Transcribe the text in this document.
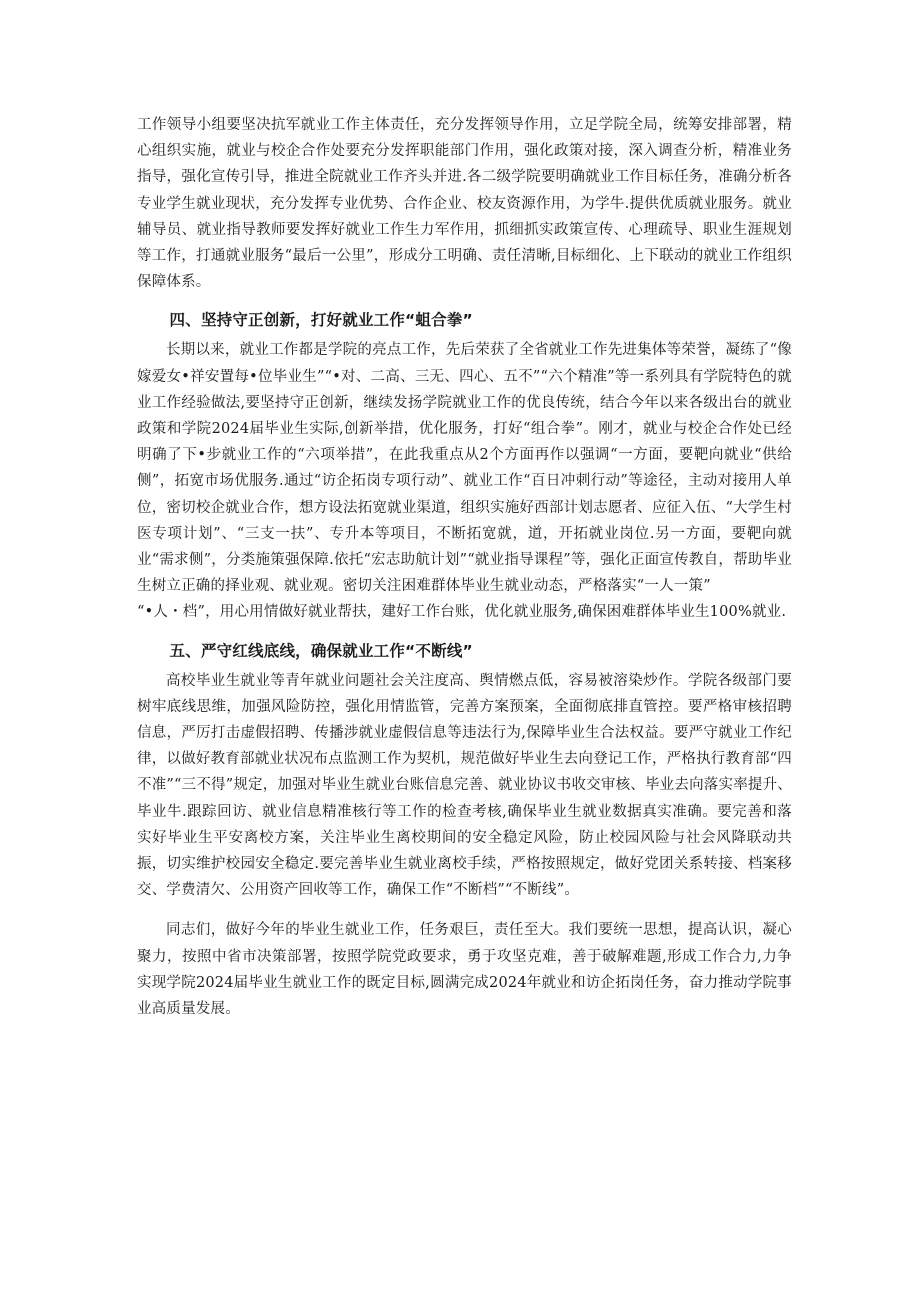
工作领导小组要坚决抗军就业工作主体责任，充分发挥领导作用，立足学院全局，统筹安排部署，精心组织实施，就业与校企合作处要充分发挥职能部门作用，强化政策对接，深入调查分析，精准业务指导，强化宣传引导，推进全院就业工作齐头并进.各二级学院要明确就业工作目标任务，准确分析各专业学生就业现状，充分发挥专业优势、合作企业、校友资源作用，为学牛.提供优质就业服务。就业辅导员、就业指导教师要发挥好就业工作生力军作用，抓细抓实政策宣传、心理疏导、职业生涯规划等工作，打通就业服务“最后一公里”，形成分工明确、责任清晰,目标细化、上下联动的就业工作组织保障体系。

四、坚持守正创新，打好就业工作“蛆合拳”

长期以来，就业工作都是学院的亮点工作，先后荣获了全省就业工作先进集体等荣誉，凝练了“像嫁爱女•祥安置每•位毕业生”“•对、二高、三无、四心、五不”“六个精准”等一系列具有学院特色的就业工作经验做法,要坚持守正创新，继续发扬学院就业工作的优良传统，结合今年以来各级出台的就业政策和学院2024届毕业生实际,创新举措，优化服务，打好“组合拳”。刚才，就业与校企合作处已经明确了下•步就业工作的“六项举措”，在此我重点从2个方面再作以强调“一方面，要靶向就业“供给侧”，拓宽市场优服务.通过“访企拓岗专项行动”、就业工作“百日冲刺行动”等途径，主动对接用人单位，密切校企就业合作，想方设法拓宽就业渠道，组织实施好西部计划志愿者、应征入伍、“大学生村医专项计划”、“三支一扶”、专升本等项目，不断拓宽就，道，开拓就业岗位.另一方面，要靶向就业“需求侧”，分类施策强保障.依托“宏志助航计划”“就业指导课程”等，强化正面宣传教自，帮助毕业生树立正确的择业观、就业观。密切关注困难群体毕业生就业动态，严格落实“一人一策”

“•人・档”，用心用情做好就业帮扶，建好工作台账，优化就业服务,确保困难群体毕业生100%就业.

五、严守红线底线，确保就业工作“不断线”

高校毕业生就业等青年就业问题社会关注度高、舆情燃点低，容易被溶染炒作。学院各级部门要树牢底线思维，加强风险防控，强化用情监管，完善方案预案，全面彻底排直管控。要严格审核招聘信息，严厉打击虚假招聘、传播涉就业虚假信息等违法行为,保障毕业生合法权益。要严守就业工作纪律，以做好教育部就业状况布点监测工作为契机，规范做好毕业生去向登记工作，严格执行教育部“四不准”“三不得”规定，加强对毕业生就业台账信息完善、就业协议书收交审核、毕业去向落实率提升、毕业牛.跟踪回访、就业信息精准核行等工作的检查考核,确保毕业生就业数据真实准确。要完善和落实好毕业生平安离校方案，关注毕业生离校期间的安全稳定风险，防止校园风险与社会风降联动共振，切实维护校园安全稳定.要完善毕业生就业离校手续，严格按照规定，做好党团关系转接、档案移交、学费清欠、公用资产回收等工作，确保工作“不断档”“不断线”。

同志们，做好今年的毕业生就业工作，任务艰巨，责任至大。我们要统一思想，提高认识，凝心聚力，按照中省市决策部署，按照学院党政要求，勇于攻坚克难，善于破解难题,形成工作合力,力争实现学院2024届毕业生就业工作的既定目标,圆满完成2024年就业和访企拓岗任务，奋力推动学院事业高质量发展。
